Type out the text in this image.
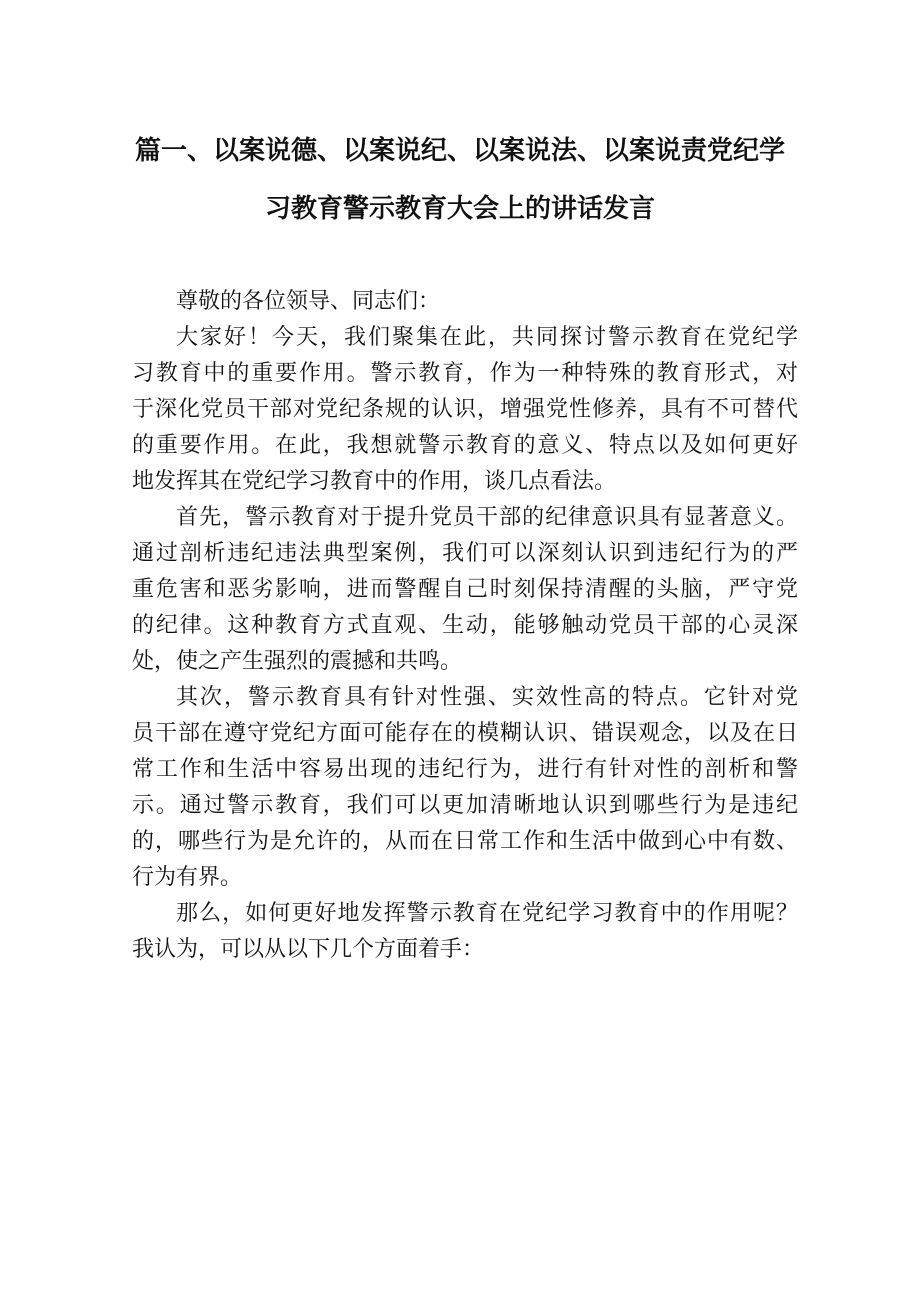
篇一、以案说德、以案说纪、以案说法、以案说责党纪学
习教育警示教育大会上的讲话发言
尊敬的各位领导、同志们：
大家好！今天，我们聚集在此，共同探讨警示教育在党纪学
习教育中的重要作用。警示教育，作为一种特殊的教育形式，对
于深化党员干部对党纪条规的认识，增强党性修养，具有不可替代
的重要作用。在此，我想就警示教育的意义、特点以及如何更好
地发挥其在党纪学习教育中的作用，谈几点看法。
首先，警示教育对于提升党员干部的纪律意识具有显著意义。
通过剖析违纪违法典型案例，我们可以深刻认识到违纪行为的严
重危害和恶劣影响，进而警醒自己时刻保持清醒的头脑，严守党
的纪律。这种教育方式直观、生动，能够触动党员干部的心灵深
处，使之产生强烈的震撼和共鸣。
其次，警示教育具有针对性强、实效性高的特点。它针对党
员干部在遵守党纪方面可能存在的模糊认识、错误观念，以及在日
常工作和生活中容易出现的违纪行为，进行有针对性的剖析和警
示。通过警示教育，我们可以更加清晰地认识到哪些行为是违纪
的，哪些行为是允许的，从而在日常工作和生活中做到心中有数、
行为有界。
那么，如何更好地发挥警示教育在党纪学习教育中的作用呢？
我认为，可以从以下几个方面着手：
